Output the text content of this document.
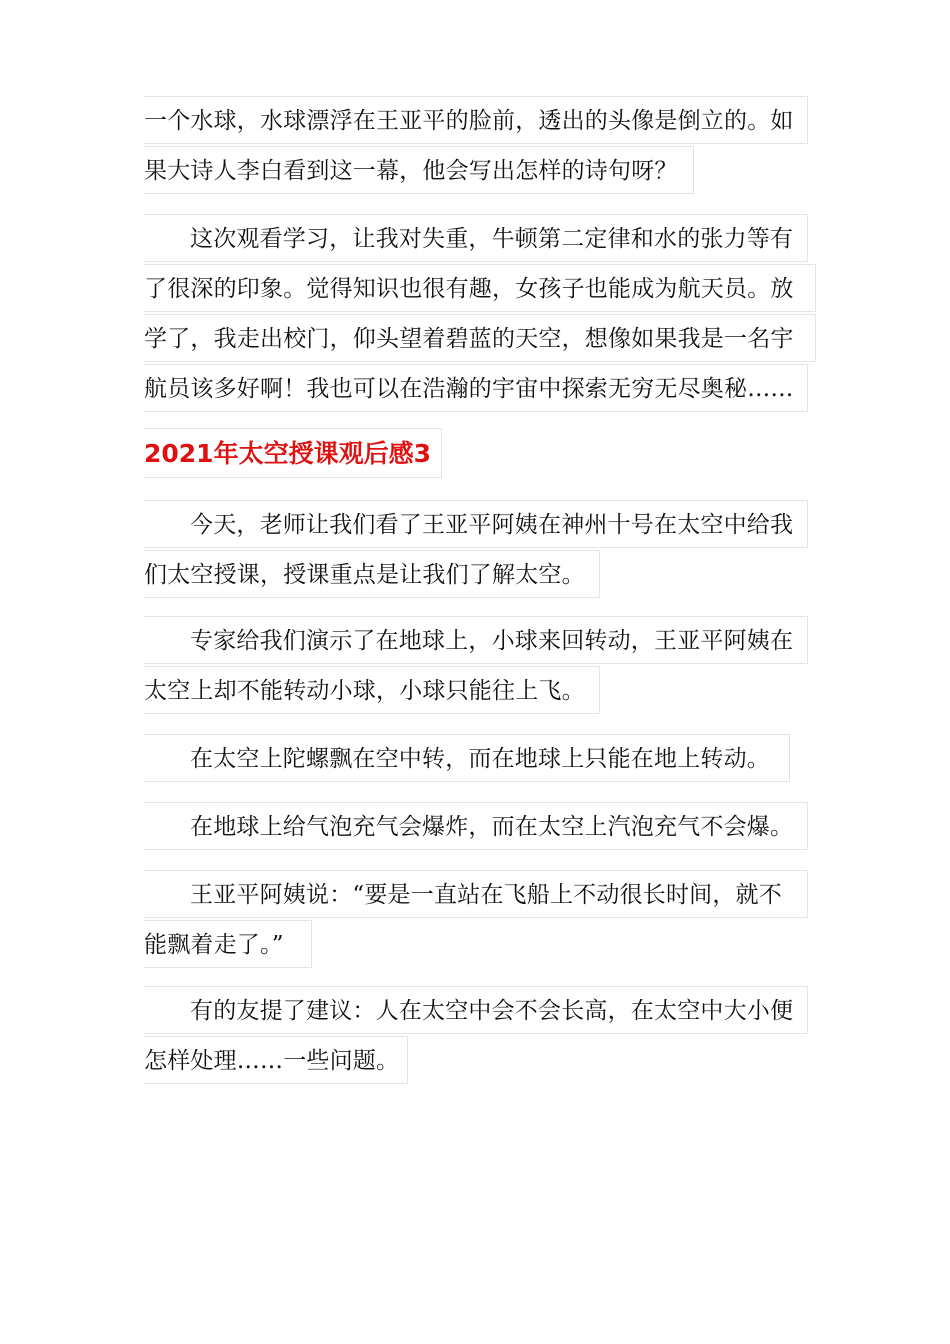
一个水球，水球漂浮在王亚平的脸前，透出的头像是倒立的。如
果大诗人李白看到这一幕，他会写出怎样的诗句呀？
这次观看学习，让我对失重，牛顿第二定律和水的张力等有
了很深的印象。觉得知识也很有趣，女孩子也能成为航天员。放
学了，我走出校门，仰头望着碧蓝的天空，想像如果我是一名宇
航员该多好啊！我也可以在浩瀚的宇宙中探索无穷无尽奥秘……
2021年太空授课观后感3
今天，老师让我们看了王亚平阿姨在神州十号在太空中给我
们太空授课，授课重点是让我们了解太空。
专家给我们演示了在地球上，小球来回转动，王亚平阿姨在
太空上却不能转动小球，小球只能往上飞。
在太空上陀螺飘在空中转，而在地球上只能在地上转动。
在地球上给气泡充气会爆炸，而在太空上汽泡充气不会爆。
王亚平阿姨说：“要是一直站在飞船上不动很长时间，就不
能飘着走了。”
有的友提了建议：人在太空中会不会长高，在太空中大小便
怎样处理……一些问题。
